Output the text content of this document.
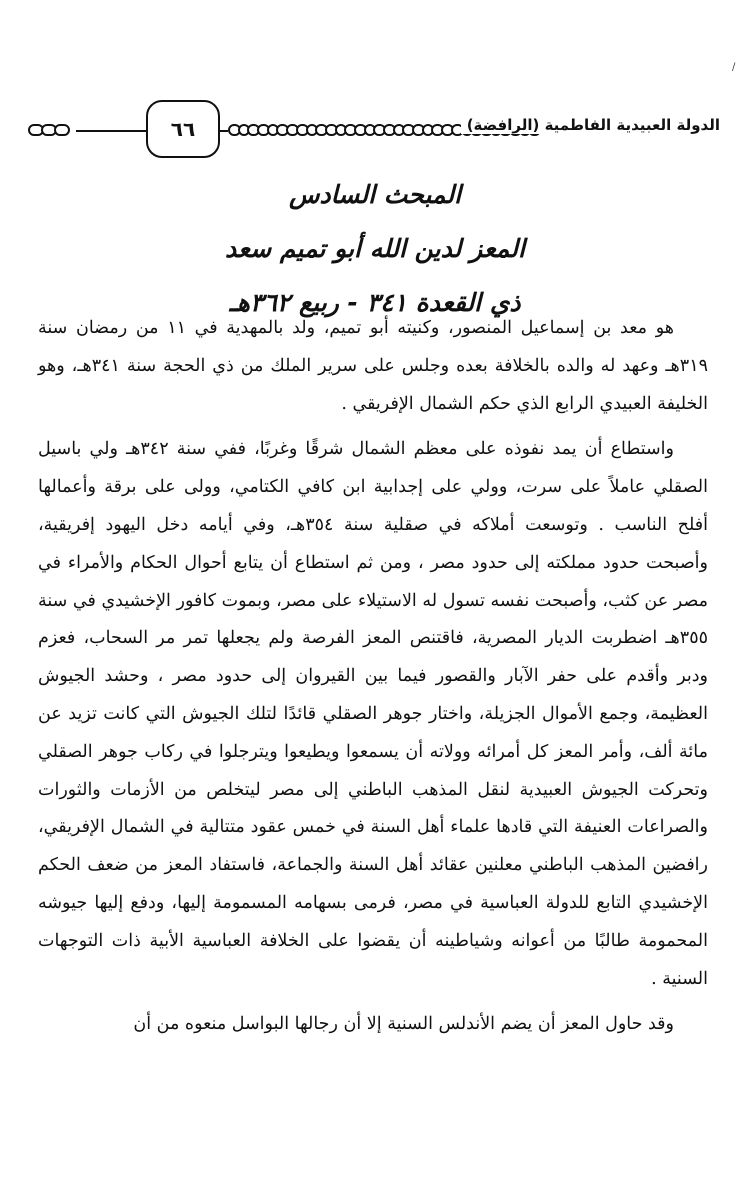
/
٦٦	الدولة العبيدية الفاطمية (الرافضة)
المبحث السادس
المعز لدين الله أبو تميم سعد
ذي القعدة ٣٤١ - ربيع ٣٦٢هـ

هو معد بن إسماعيل المنصور، وكنيته أبو تميم، ولد بالمهدية في ١١ من رمضان سنة ٣١٩هـ وعهد له والده بالخلافة بعده وجلس على سرير الملك من ذي الحجة سنة ٣٤١هـ، وهو الخليفة العبيدي الرابع الذي حكم الشمال الإفريقي .

واستطاع أن يمد نفوذه على معظم الشمال شرقًا وغربًا، ففي سنة ٣٤٢هـ ولي باسيل الصقلي عاملاً على سرت، وولي على إجدابية ابن كافي الكتامي، وولى على برقة وأعمالها أفلح الناسب . وتوسعت أملاكه في صقلية سنة ٣٥٤هـ، وفي أيامه دخل اليهود إفريقية، وأصبحت حدود مملكته إلى حدود مصر ، ومن ثم استطاع أن يتابع أحوال الحكام والأمراء في مصر عن كثب، وأصبحت نفسه تسول له الاستيلاء على مصر، وبموت كافور الإخشيدي في سنة ٣٥٥هـ اضطربت الديار المصرية، فاقتنص المعز الفرصة ولم يجعلها تمر مر السحاب، فعزم ودبر وأقدم على حفر الآبار والقصور فيما بين القيروان إلى حدود مصر ، وحشد الجيوش العظيمة، وجمع الأموال الجزيلة، واختار جوهر الصقلي قائدًا لتلك الجيوش التي كانت تزيد عن مائة ألف، وأمر المعز كل أمرائه وولاته أن يسمعوا ويطيعوا ويترجلوا في ركاب جوهر الصقلي وتحركت الجيوش العبيدية لنقل المذهب الباطني إلى مصر ليتخلص من الأزمات والثورات والصراعات العنيفة التي قادها علماء أهل السنة في خمس عقود متتالية في الشمال الإفريقي، رافضين المذهب الباطني معلنين عقائد أهل السنة والجماعة، فاستفاد المعز من ضعف الحكم الإخشيدي التابع للدولة العباسية في مصر، فرمى بسهامه المسمومة إليها، ودفع إليها جيوشه المحمومة طالبًا من أعوانه وشياطينه أن يقضوا على الخلافة العباسية الأبية ذات التوجهات السنية .

وقد حاول المعز أن يضم الأندلس السنية إلا أن رجالها البواسل منعوه من أن
